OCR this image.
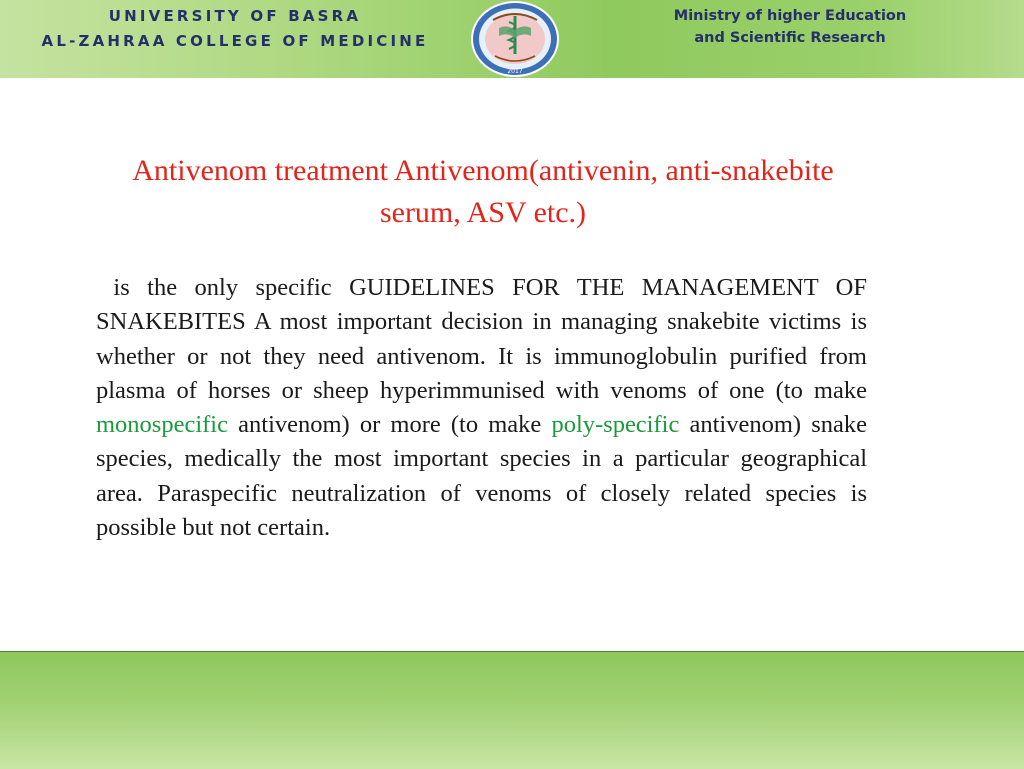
UNIVERSITY OF BASRA
AL-ZAHRAA COLLEGE OF MEDICINE
2017
Ministry of higher Education
and Scientific Research
Antivenom treatment Antivenom(antivenin, anti-snakebite serum, ASV etc.)
is the only specific GUIDELINES FOR THE MANAGEMENT OF SNAKEBITES A most important decision in managing snakebite victims is whether or not they need antivenom. It is immunoglobulin purified from plasma of horses or sheep hyperimmunised with venoms of one (to make monospecific antivenom) or more (to make poly-specific antivenom) snake species, medically the most important species in a particular geographical area. Paraspecific neutralization of venoms of closely related species is possible but not certain.
